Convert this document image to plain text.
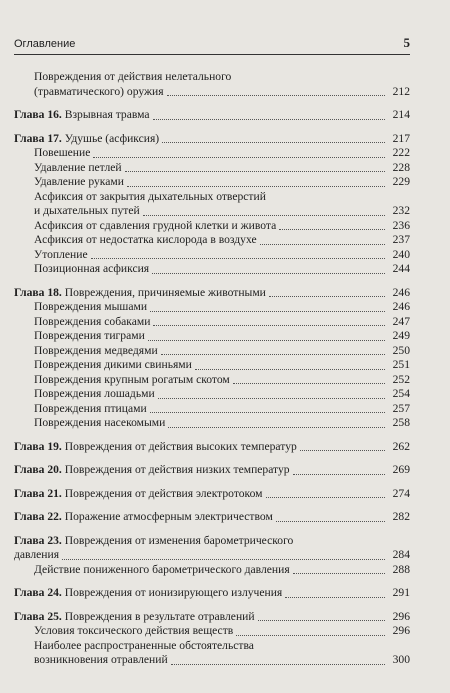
Оглавление	5
Повреждения от действия нелетального
(травматического) оружия	212
Глава 16. Взрывная травма	214
Глава 17. Удушье (асфиксия)	217
Повешение	222
Удавление петлей	228
Удавление руками	229
Асфиксия от закрытия дыхательных отверстий
и дыхательных путей	232
Асфиксия от сдавления грудной клетки и живота	236
Асфиксия от недостатка кислорода в воздухе	237
Утопление	240
Позиционная асфиксия	244
Глава 18. Повреждения, причиняемые животными	246
Повреждения мышами	246
Повреждения собаками	247
Повреждения тиграми	249
Повреждения медведями	250
Повреждения дикими свиньями	251
Повреждения крупным рогатым скотом	252
Повреждения лошадьми	254
Повреждения птицами	257
Повреждения насекомыми	258
Глава 19. Повреждения от действия высоких температур	262
Глава 20. Повреждения от действия низких температур	269
Глава 21. Повреждения от действия электротоком	274
Глава 22. Поражение атмосферным электричеством	282
Глава 23. Повреждения от изменения барометрического
давления	284
Действие пониженного барометрического давления	288
Глава 24. Повреждения от ионизирующего излучения	291
Глава 25. Повреждения в результате отравлений	296
Условия токсического действия веществ	296
Наиболее распространенные обстоятельства
возникновения отравлений	300
